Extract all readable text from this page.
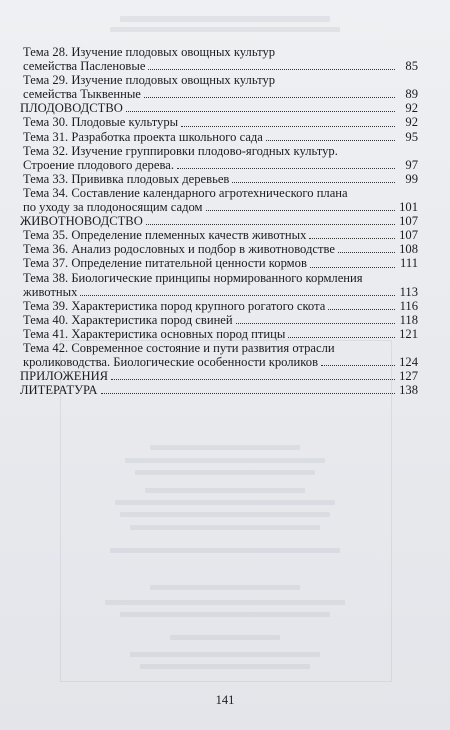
Тема 28. Изучение плодовых овощных культур
семейства Пасленовые	85
Тема 29. Изучение плодовых овощных культур
семейства Тыквенные	89
ПЛОДОВОДСТВО	92
Тема 30. Плодовые культуры	92
Тема 31. Разработка проекта школьного сада	95
Тема 32. Изучение группировки плодово-ягодных культур.
Строение плодового дерева.	97
Тема 33. Прививка плодовых деревьев	99
Тема 34. Составление календарного агротехнического плана
по уходу за плодоносящим садом	101
ЖИВОТНОВОДСТВО	107
Тема 35. Определение племенных качеств животных	107
Тема 36. Анализ родословных и подбор в животноводстве	108
Тема 37. Определение питательной ценности кормов	111
Тема 38. Биологические принципы нормированного кормления
животных	113
Тема 39. Характеристика пород крупного рогатого скота	116
Тема 40. Характеристика пород свиней	118
Тема 41. Характеристика основных пород птицы	121
Тема 42. Современное состояние и пути развития отрасли
кролиководства. Биологические особенности кроликов	124
ПРИЛОЖЕНИЯ	127
ЛИТЕРАТУРА	138
141
